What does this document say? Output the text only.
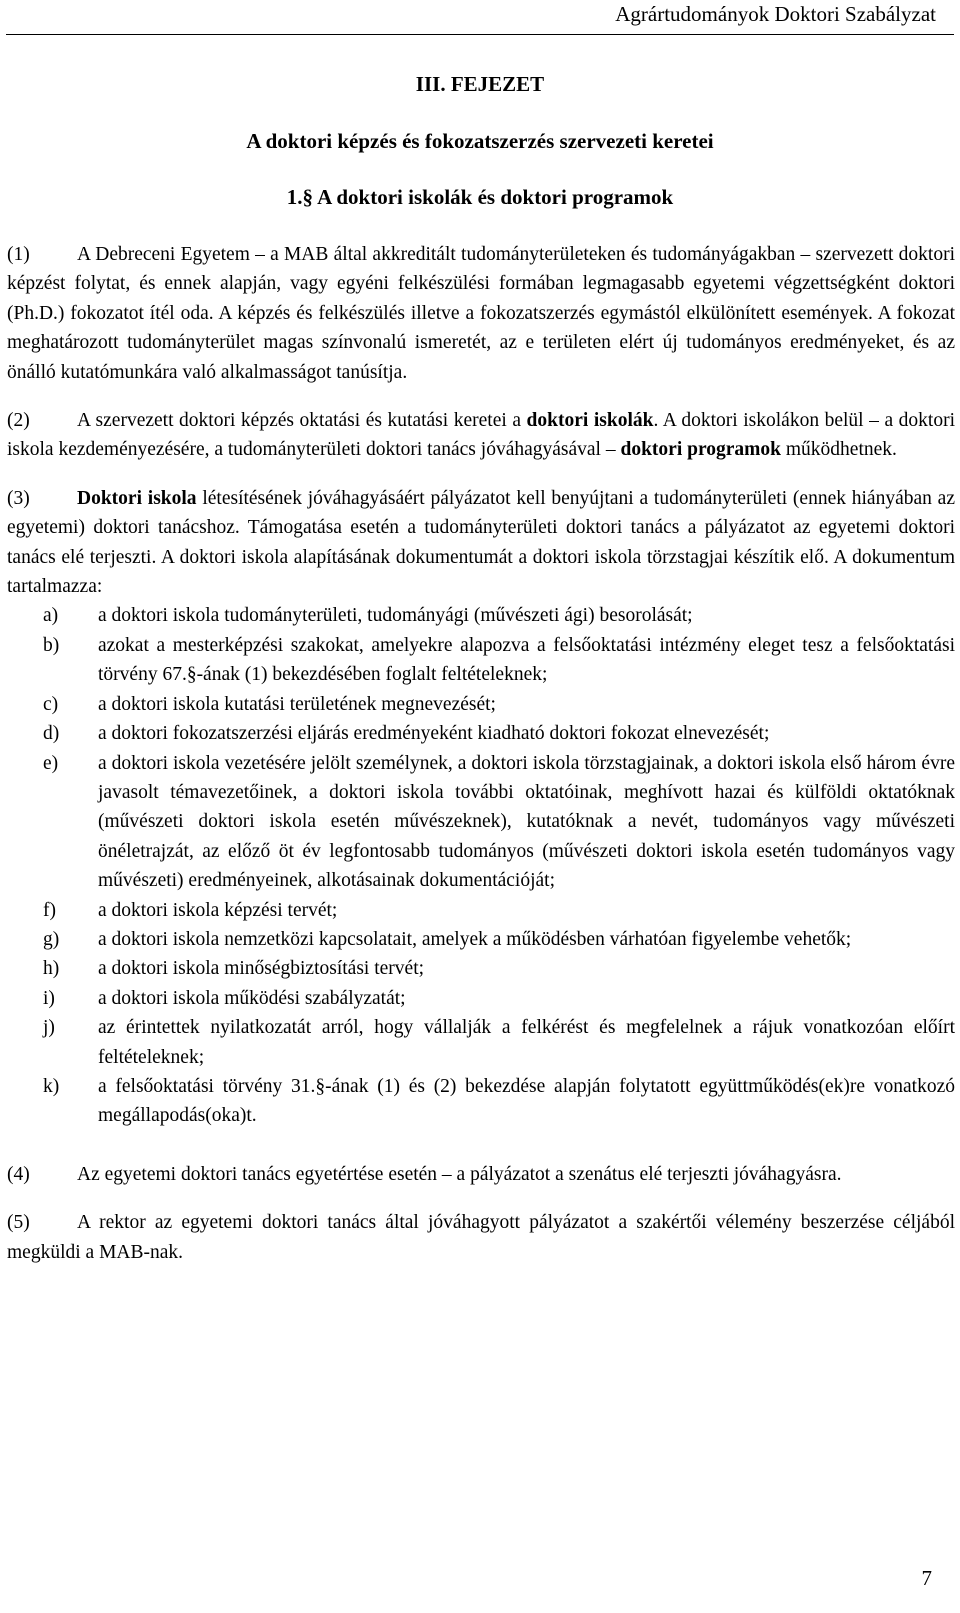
Agrártudományok Doktori Szabályzat
III. FEJEZET
A doktori képzés és fokozatszerzés szervezeti keretei
1.§ A doktori iskolák és doktori programok

(1) A Debreceni Egyetem – a MAB által akkreditált tudományterületeken és tudományágakban – szervezett doktori képzést folytat, és ennek alapján, vagy egyéni felkészülési formában legmagasabb egyetemi végzettségként doktori (Ph.D.) fokozatot ítél oda. A képzés és felkészülés illetve a fokozatszerzés egymástól elkülönített események. A fokozat meghatározott tudományterület magas színvonalú ismeretét, az e területen elért új tudományos eredményeket, és az önálló kutatómunkára való alkalmasságot tanúsítja.

(2) A szervezett doktori képzés oktatási és kutatási keretei a doktori iskolák. A doktori iskolákon belül – a doktori iskola kezdeményezésére, a tudományterületi doktori tanács jóváhagyásával – doktori programok működhetnek.

(3) Doktori iskola létesítésének jóváhagyásáért pályázatot kell benyújtani a tudományterületi (ennek hiányában az egyetemi) doktori tanácshoz. Támogatása esetén a tudományterületi doktori tanács a pályázatot az egyetemi doktori tanács elé terjeszti. A doktori iskola alapításának dokumentumát a doktori iskola törzstagjai készítik elő. A dokumentum tartalmazza:

a) a doktori iskola tudományterületi, tudományági (művészeti ági) besorolását;
b) azokat a mesterképzési szakokat, amelyekre alapozva a felsőoktatási intézmény eleget tesz a felsőoktatási törvény 67.§-ának (1) bekezdésében foglalt feltételeknek;
c) a doktori iskola kutatási területének megnevezését;
d) a doktori fokozatszerzési eljárás eredményeként kiadható doktori fokozat elnevezését;
e) a doktori iskola vezetésére jelölt személynek, a doktori iskola törzstagjainak, a doktori iskola első három évre javasolt témavezetőinek, a doktori iskola további oktatóinak, meghívott hazai és külföldi oktatóknak (művészeti doktori iskola esetén művészeknek), kutatóknak a nevét, tudományos vagy művészeti önéletrajzát, az előző öt év legfontosabb tudományos (művészeti doktori iskola esetén tudományos vagy művészeti) eredményeinek, alkotásainak dokumentációját;
f) a doktori iskola képzési tervét;
g) a doktori iskola nemzetközi kapcsolatait, amelyek a működésben várhatóan figyelembe vehetők;
h) a doktori iskola minőségbiztosítási tervét;
i) a doktori iskola működési szabályzatát;
j) az érintettek nyilatkozatát arról, hogy vállalják a felkérést és megfelelnek a rájuk vonatkozóan előírt feltételeknek;
k) a felsőoktatási törvény 31.§-ának (1) és (2) bekezdése alapján folytatott együttműködés(ek)re vonatkozó megállapodás(oka)t.

(4) Az egyetemi doktori tanács egyetértése esetén – a pályázatot a szenátus elé terjeszti jóváhagyásra.

(5) A rektor az egyetemi doktori tanács által jóváhagyott pályázatot a szakértői vélemény beszerzése céljából megküldi a MAB-nak.

7
